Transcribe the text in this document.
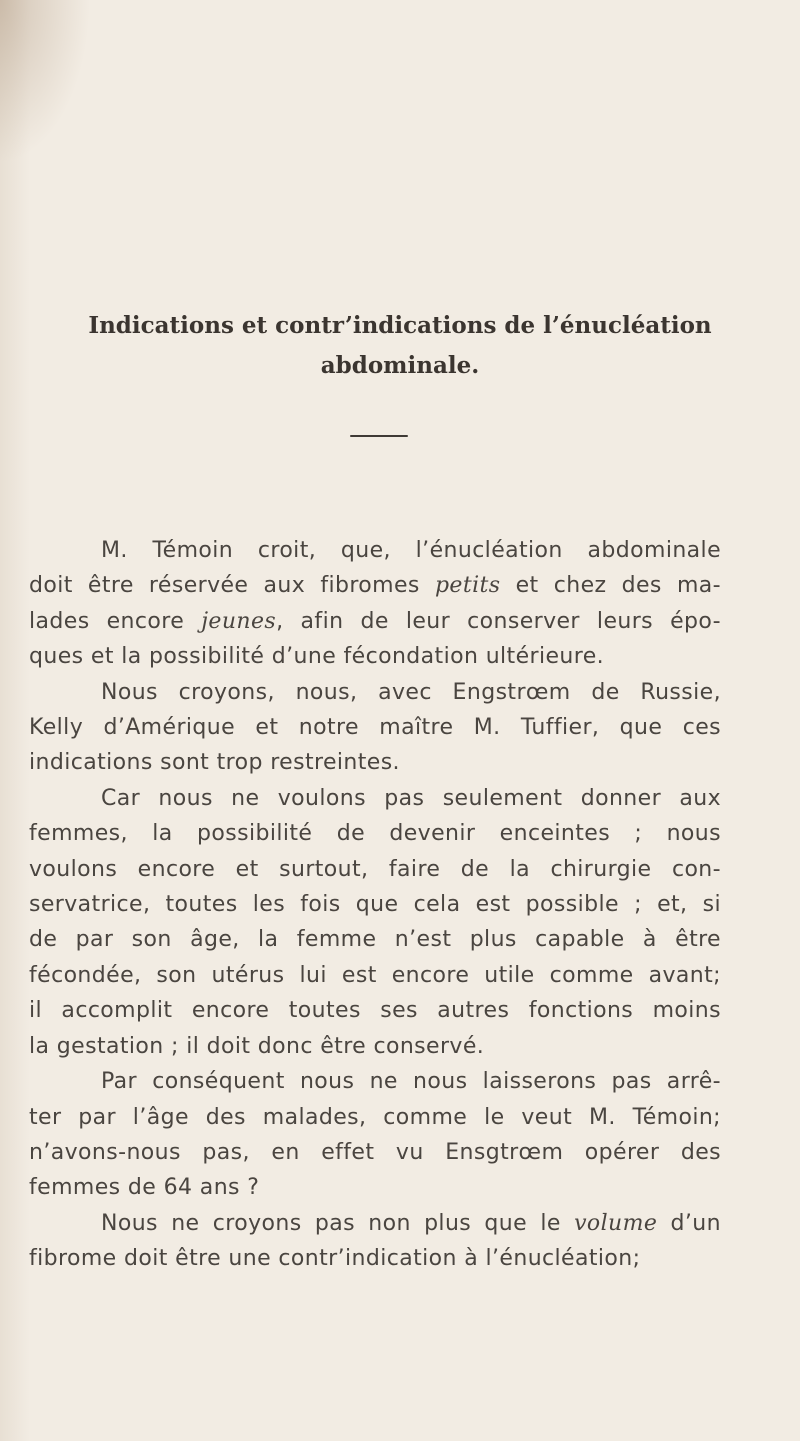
Indications et contr’indications de l’énucléation
abdominale.

M. Témoin croit, que, l’énucléation abdominale
doit être réservée aux fibromes petits et chez des ma-
lades encore jeunes, afin de leur conserver leurs épo-
ques et la possibilité d’une fécondation ultérieure.

Nous croyons, nous, avec Engstrœm de Russie,
Kelly d’Amérique et notre maître M. Tuffier, que ces
indications sont trop restreintes.

Car nous ne voulons pas seulement donner aux
femmes, la possibilité de devenir enceintes ; nous
voulons encore et surtout, faire de la chirurgie con-
servatrice, toutes les fois que cela est possible ; et, si
de par son âge, la femme n’est plus capable à être
fécondée, son utérus lui est encore utile comme avant;
il accomplit encore toutes ses autres fonctions moins
la gestation ; il doit donc être conservé.

Par conséquent nous ne nous laisserons pas arrê-
ter par l’âge des malades, comme le veut M. Témoin;
n’avons-nous pas, en effet vu Ensgtrœm opérer des
femmes de 64 ans ?

Nous ne croyons pas non plus que le volume d’un
fibrome doit être une contr’indication à l’énucléation;
